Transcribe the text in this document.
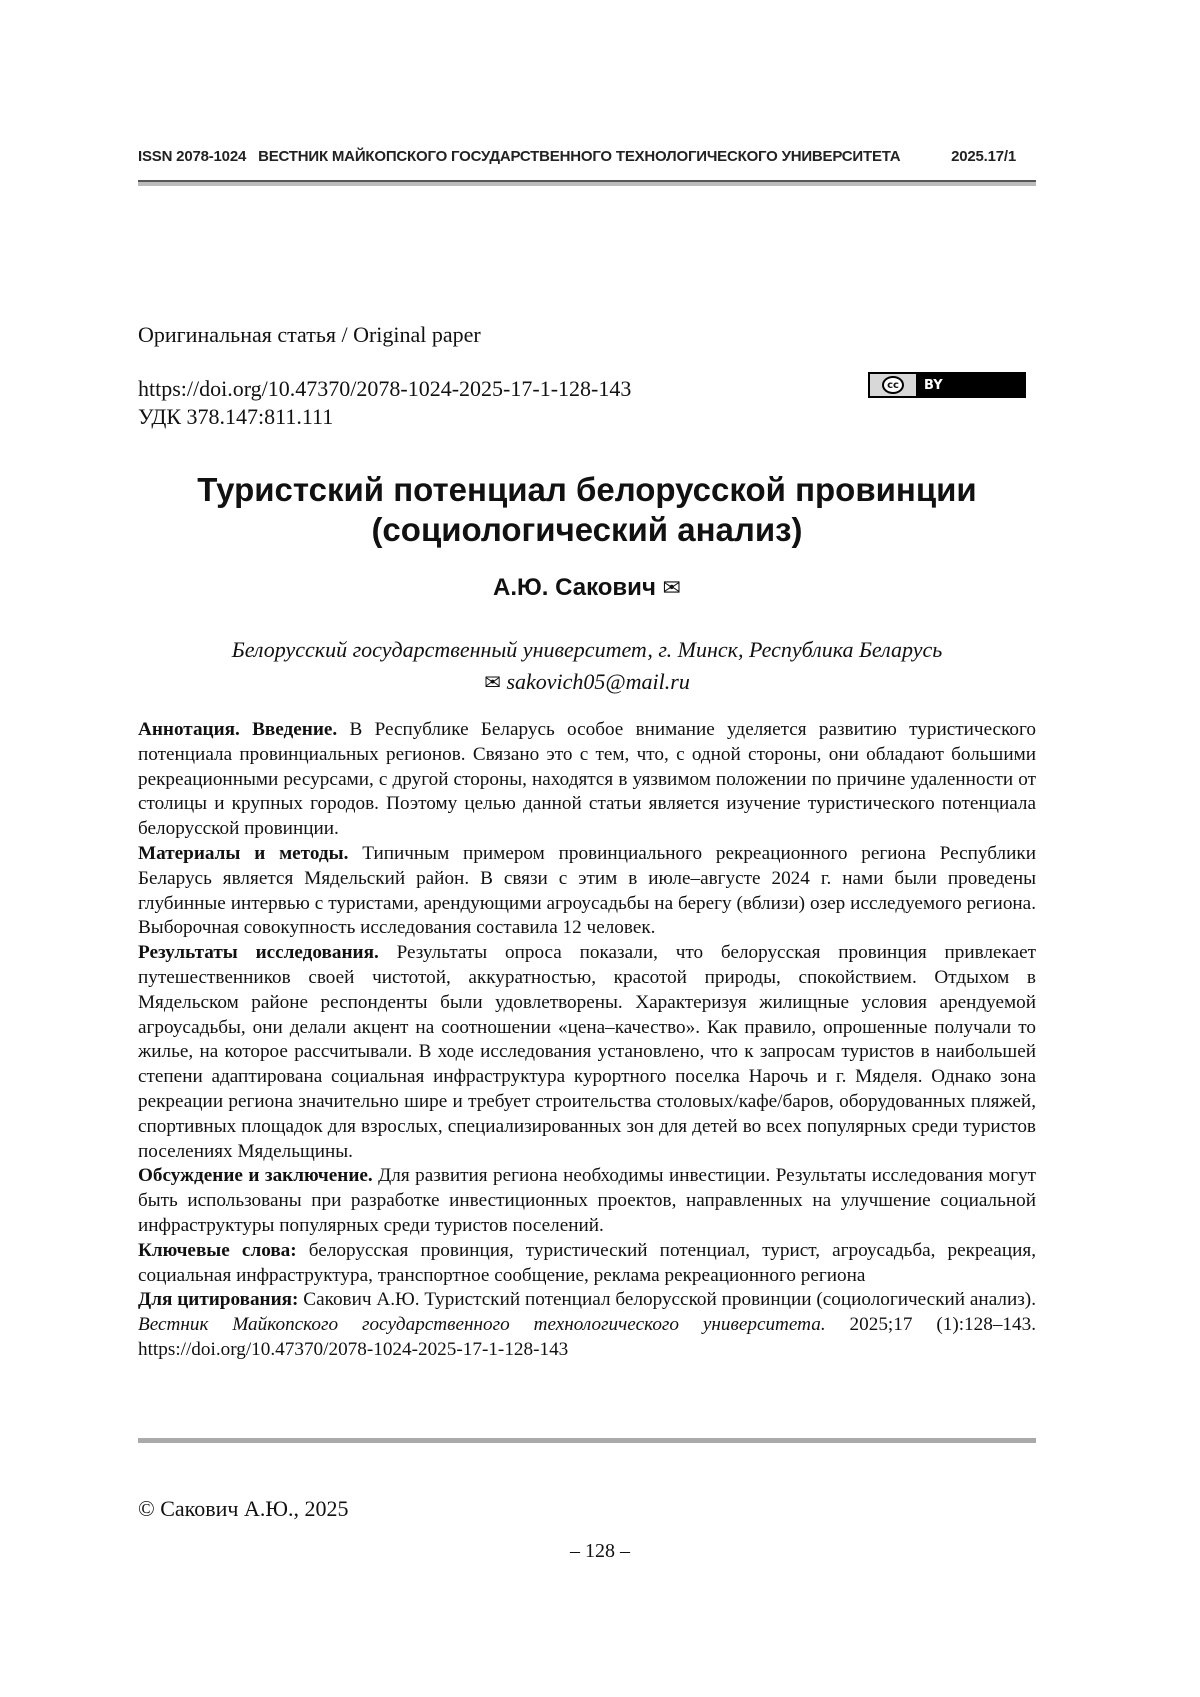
ISSN 2078-1024 ВЕСТНИК МАЙКОПСКОГО ГОСУДАРСТВЕННОГО ТЕХНОЛОГИЧЕСКОГО УНИВЕРСИТЕТА	2025.17/1
Оригинальная статья / Original paper
https://doi.org/10.47370/2078-1024-2025-17-1-128-143
УДК 378.147:811.111
cc	BY
Туристский потенциал белорусской провинции
(социологический анализ)
А.Ю. Сакович ✉
Белорусский государственный университет, г. Минск, Республика Беларусь
✉ sakovich05@mail.ru

Аннотация. Введение. В Республике Беларусь особое внимание уделяется развитию туристического потенциала провинциальных регионов. Связано это с тем, что, с одной стороны, они обладают большими рекреационными ресурсами, с другой стороны, находятся в уязвимом положении по причине удаленности от столицы и крупных городов. Поэтому целью данной статьи является изучение туристического потенциала белорусской провинции.

Материалы и методы. Типичным примером провинциального рекреационного региона Республики Беларусь является Мядельский район. В связи с этим в июле–августе 2024 г. нами были проведены глубинные интервью с туристами, арендующими агроусадьбы на берегу (вблизи) озер исследуемого региона. Выборочная совокупность исследования составила 12 человек.

Результаты исследования. Результаты опроса показали, что белорусская провинция привлекает путешественников своей чистотой, аккуратностью, красотой природы, спокойствием. Отдыхом в Мядельском районе респонденты были удовлетворены. Характеризуя жилищные условия арендуемой агроусадьбы, они делали акцент на соотношении «цена–качество». Как правило, опрошенные получали то жилье, на которое рассчитывали. В ходе исследования установлено, что к запросам туристов в наибольшей степени адаптирована социальная инфраструктура курортного поселка Нарочь и г. Мяделя. Однако зона рекреации региона значительно шире и требует строительства столовых/кафе/баров, оборудованных пляжей, спортивных площадок для взрослых, специализированных зон для детей во всех популярных среди туристов поселениях Мядельщины.

Обсуждение и заключение. Для развития региона необходимы инвестиции. Результаты исследования могут быть использованы при разработке инвестиционных проектов, направленных на улучшение социальной инфраструктуры популярных среди туристов поселений.

Ключевые слова: белорусская провинция, туристический потенциал, турист, агроусадьба, рекреация, социальная инфраструктура, транспортное сообщение, реклама рекреационного региона

Для цитирования: Сакович А.Ю. Туристский потенциал белорусской провинции (социологический анализ). Вестник Майкопского государственного технологического университета. 2025;17 (1):128–143. https://doi.org/10.47370/2078-1024-2025-17-1-128-143

© Сакович А.Ю., 2025
– 128 –
